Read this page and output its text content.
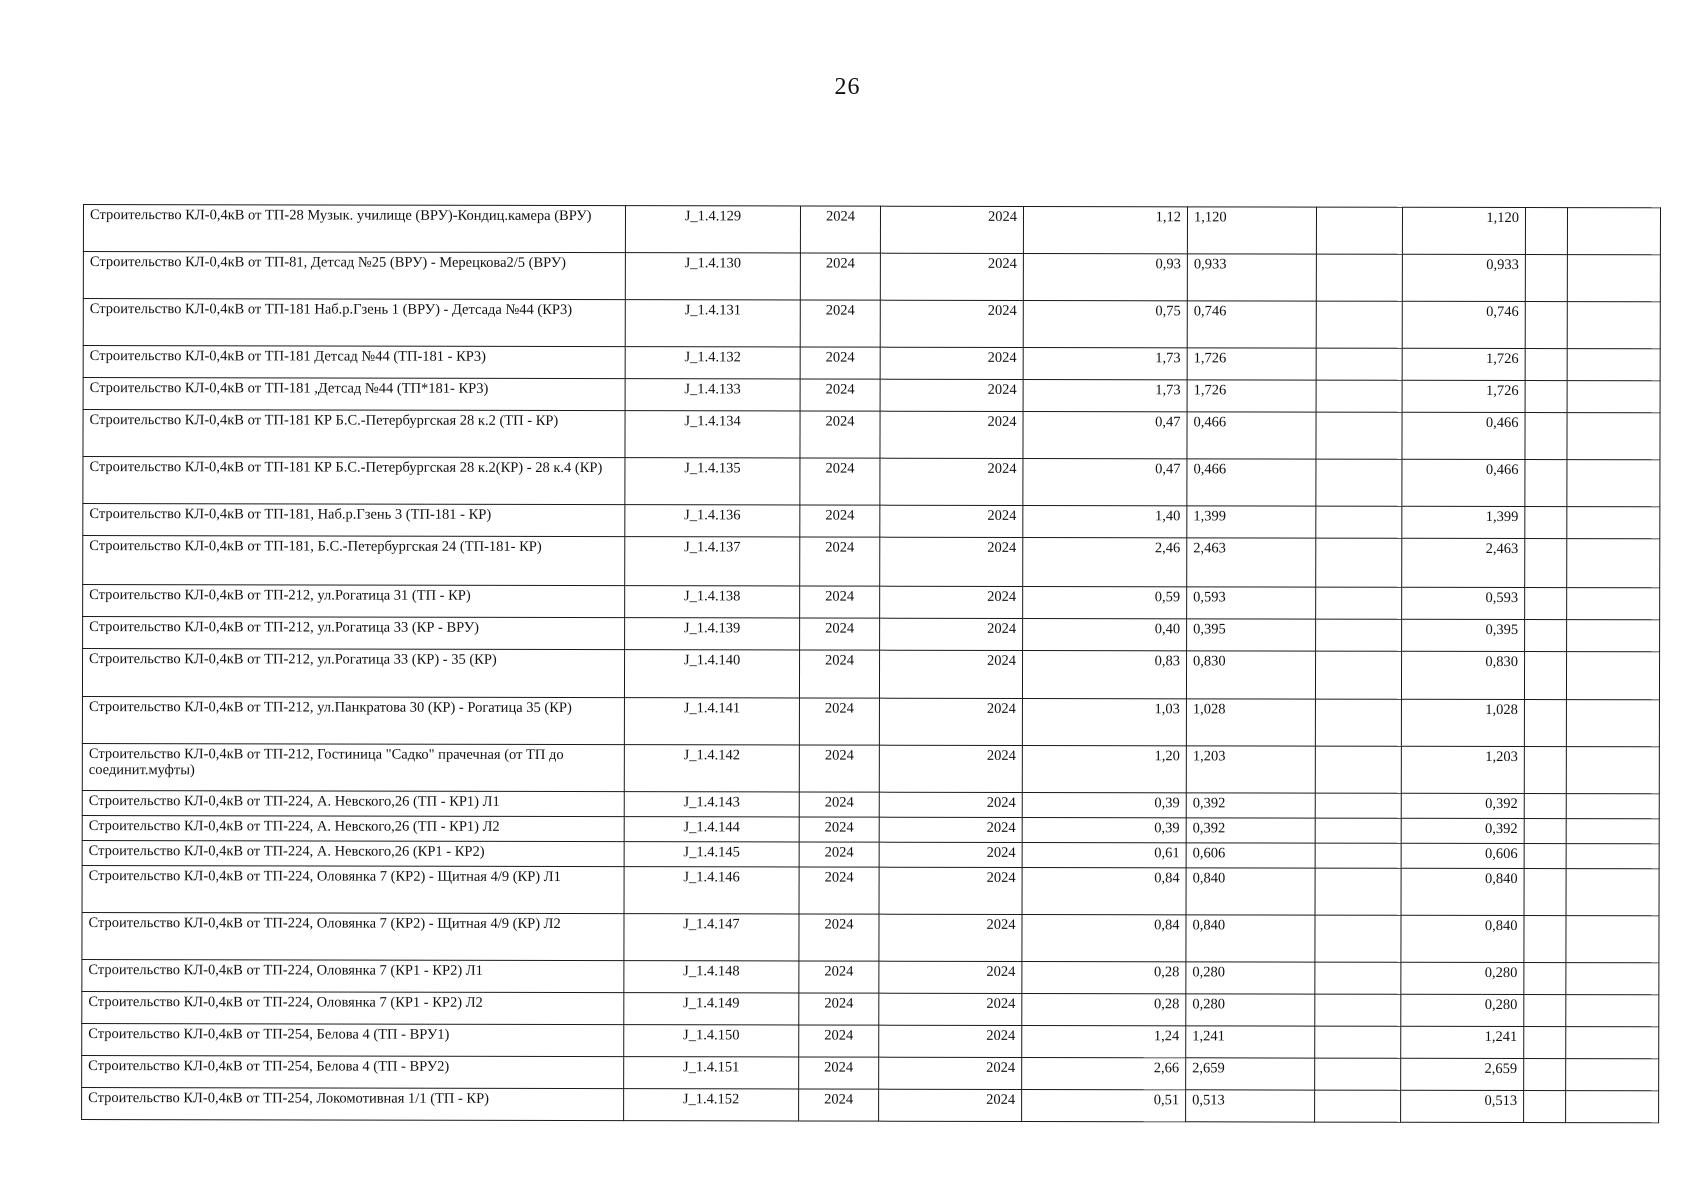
26
Строительство КЛ-0,4кВ от ТП-28 Музык. училище (ВРУ)-Кондиц.камера (ВРУ)	J_1.4.129	2024	2024	1,12	1,120		1,120		
Строительство КЛ-0,4кВ от ТП-81, Детсад №25 (ВРУ) - Мерецкова2/5 (ВРУ)	J_1.4.130	2024	2024	0,93	0,933		0,933		
Строительство КЛ-0,4кВ от ТП-181 Наб.р.Гзень 1 (ВРУ) - Детсада №44 (КР3)	J_1.4.131	2024	2024	0,75	0,746		0,746		
Строительство КЛ-0,4кВ от ТП-181 Детсад №44 (ТП-181 - КР3)	J_1.4.132	2024	2024	1,73	1,726		1,726		
Строительство КЛ-0,4кВ от ТП-181 ,Детсад №44 (ТП*181- КР3)	J_1.4.133	2024	2024	1,73	1,726		1,726		
Строительство КЛ-0,4кВ от ТП-181 КР Б.С.-Петербургская 28 к.2 (ТП - КР)	J_1.4.134	2024	2024	0,47	0,466		0,466		
Строительство КЛ-0,4кВ от ТП-181 КР Б.С.-Петербургская 28 к.2(КР) - 28 к.4 (КР)	J_1.4.135	2024	2024	0,47	0,466		0,466		
Строительство КЛ-0,4кВ от ТП-181, Наб.р.Гзень 3 (ТП-181 - КР)	J_1.4.136	2024	2024	1,40	1,399		1,399		
Строительство КЛ-0,4кВ от ТП-181, Б.С.-Петербургская 24 (ТП-181- КР)	J_1.4.137	2024	2024	2,46	2,463		2,463		
Строительство КЛ-0,4кВ от ТП-212, ул.Рогатица 31 (ТП - КР)	J_1.4.138	2024	2024	0,59	0,593		0,593		
Строительство КЛ-0,4кВ от ТП-212, ул.Рогатица 33 (КР - ВРУ)	J_1.4.139	2024	2024	0,40	0,395		0,395		
Строительство КЛ-0,4кВ от ТП-212, ул.Рогатица 33 (КР) - 35 (КР)	J_1.4.140	2024	2024	0,83	0,830		0,830		
Строительство КЛ-0,4кВ от ТП-212, ул.Панкратова 30 (КР) - Рогатица 35 (КР)	J_1.4.141	2024	2024	1,03	1,028		1,028		
Строительство КЛ-0,4кВ от ТП-212, Гостиница "Садко" прачечная (от ТП до соединит.муфты)	J_1.4.142	2024	2024	1,20	1,203		1,203		
Строительство КЛ-0,4кВ от ТП-224, А. Невского,26 (ТП - КР1) Л1	J_1.4.143	2024	2024	0,39	0,392		0,392		
Строительство КЛ-0,4кВ от ТП-224, А. Невского,26 (ТП - КР1) Л2	J_1.4.144	2024	2024	0,39	0,392		0,392		
Строительство КЛ-0,4кВ от ТП-224, А. Невского,26 (КР1 - КР2)	J_1.4.145	2024	2024	0,61	0,606		0,606		
Строительство КЛ-0,4кВ от ТП-224, Оловянка 7 (КР2) - Щитная 4/9 (КР) Л1	J_1.4.146	2024	2024	0,84	0,840		0,840		
Строительство КЛ-0,4кВ от ТП-224, Оловянка 7 (КР2) - Щитная 4/9 (КР) Л2	J_1.4.147	2024	2024	0,84	0,840		0,840		
Строительство КЛ-0,4кВ от ТП-224, Оловянка 7 (КР1 - КР2) Л1	J_1.4.148	2024	2024	0,28	0,280		0,280		
Строительство КЛ-0,4кВ от ТП-224, Оловянка 7 (КР1 - КР2) Л2	J_1.4.149	2024	2024	0,28	0,280		0,280		
Строительство КЛ-0,4кВ от ТП-254, Белова 4 (ТП - ВРУ1)	J_1.4.150	2024	2024	1,24	1,241		1,241		
Строительство КЛ-0,4кВ от ТП-254, Белова 4 (ТП - ВРУ2)	J_1.4.151	2024	2024	2,66	2,659		2,659		
Строительство КЛ-0,4кВ от ТП-254, Локомотивная 1/1 (ТП - КР)	J_1.4.152	2024	2024	0,51	0,513		0,513		
